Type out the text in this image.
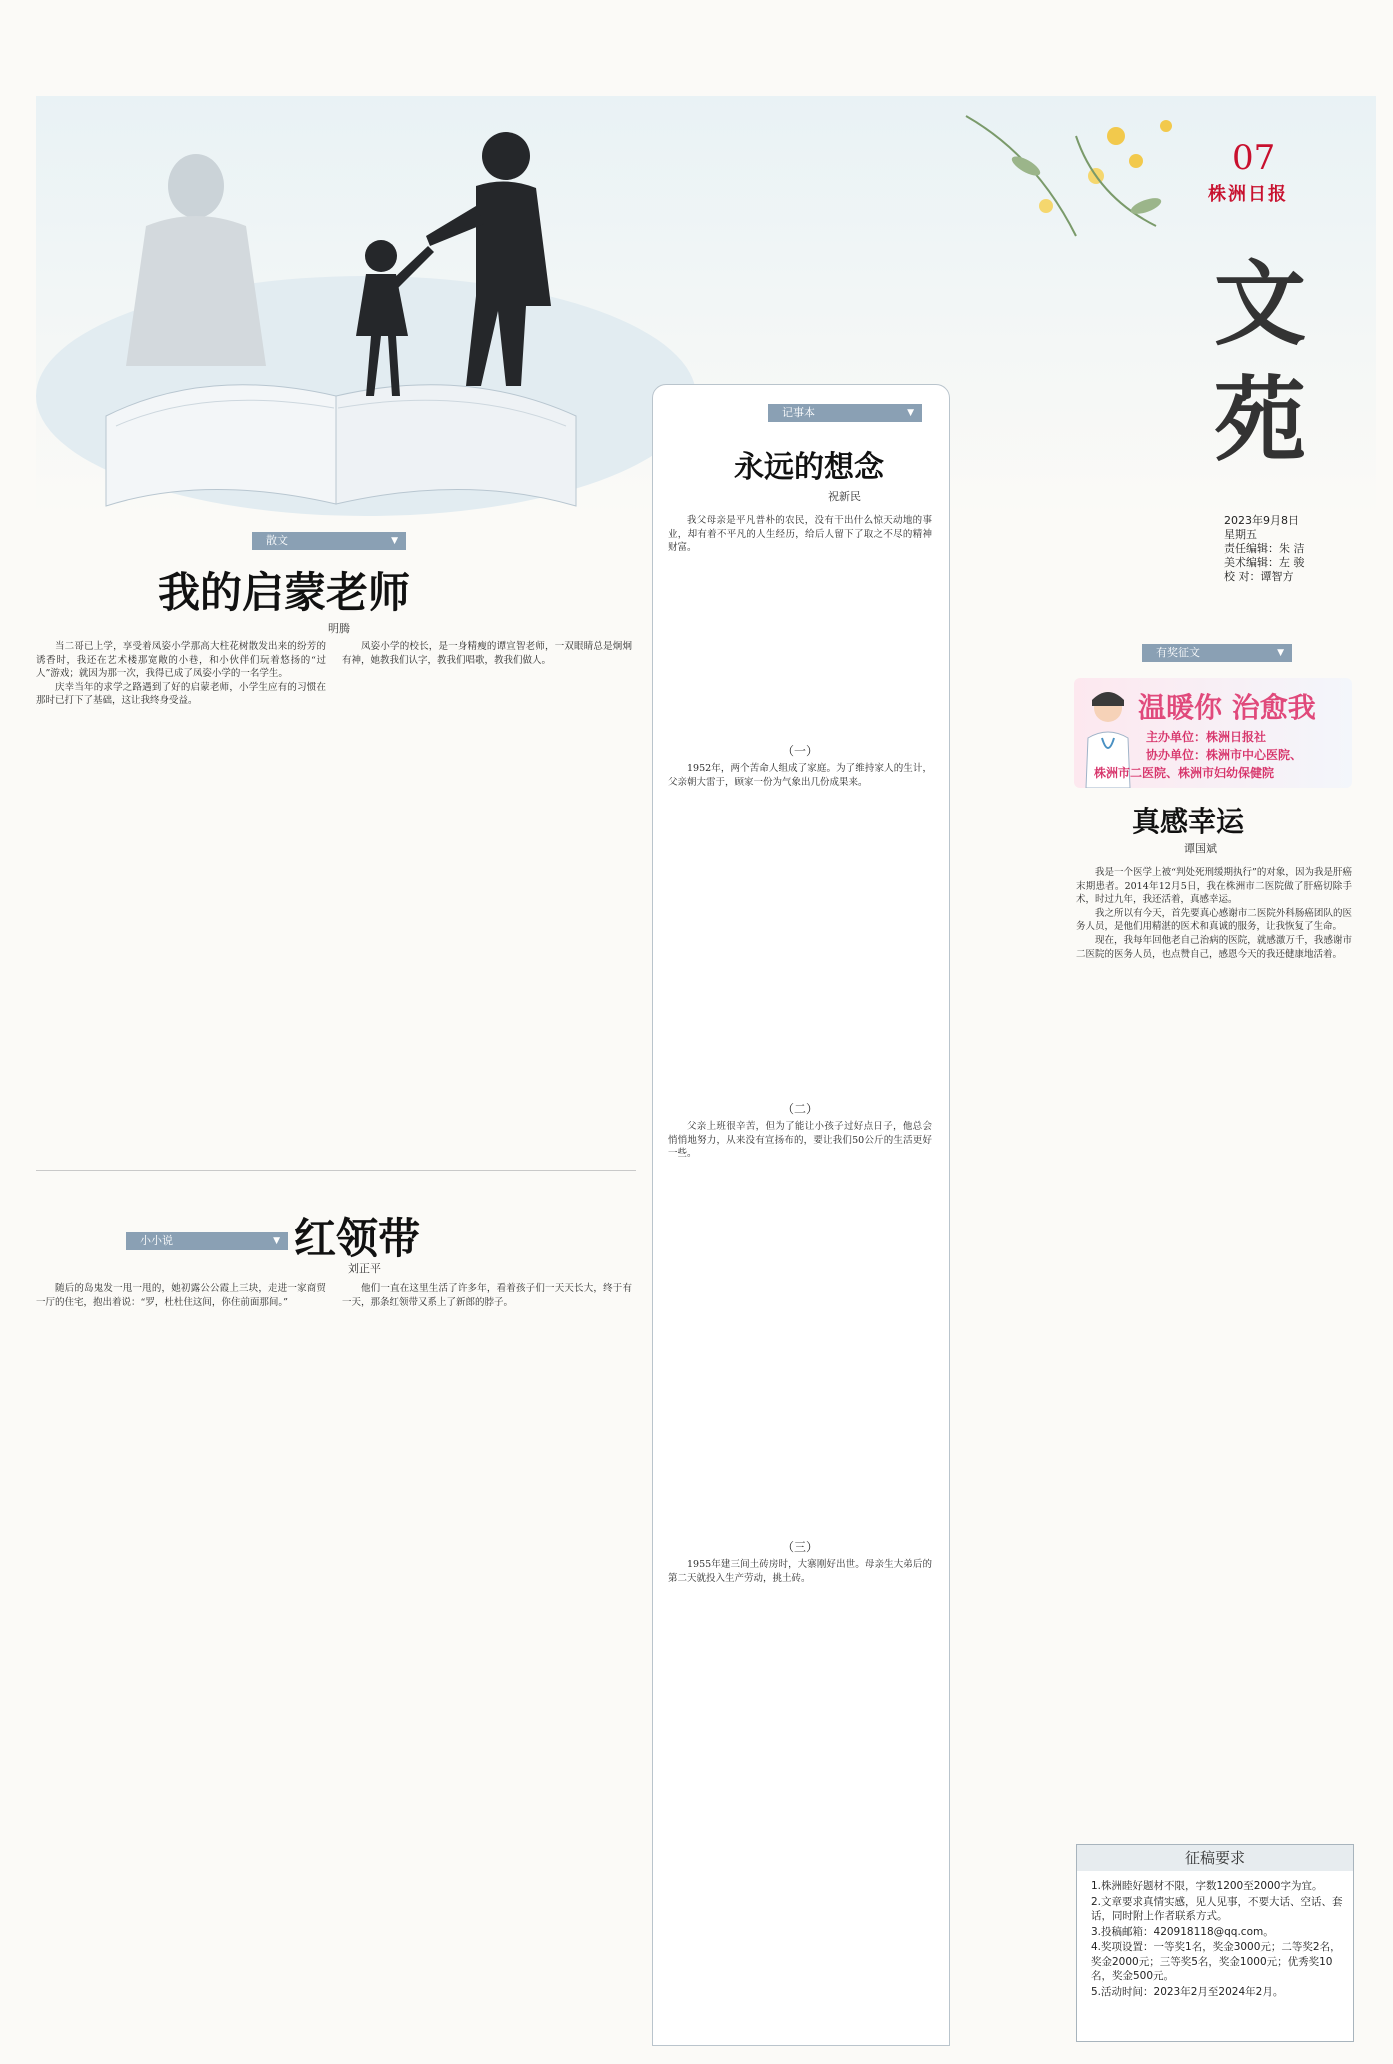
07
株洲日报
文苑
2023年9月8日
星期五
责任编辑：朱 洁
美术编辑：左 骏
校 对：谭智方
散文 ▼
我的启蒙老师
明腾

当二哥已上学，享受着凤姿小学那高大柱花树散发出来的纷芳的诱香时，我还在艺术楼那宽敞的小巷，和小伙伴们玩着悠扬的“过人”游戏；就因为那一次，我得已成了凤姿小学的一名学生。

庆幸当年的求学之路遇到了好的启蒙老师，小学生应有的习惯在那时已打下了基础，这让我终身受益。

凤姿小学的校长，是一身精瘦的谭宣智老师，一双眼睛总是炯炯有神，她教我们认字，教我们唱歌，教我们做人。

小小说 ▼	红领带
刘正平

随后的岛鬼发一甩一甩的，她初露公公霞上三块，走进一家商贸一厅的住宅，抱出着说：“罗，杜杜住这间，你住前面那间。”

他们一直在这里生活了许多年，看着孩子们一天天长大，终于有一天，那条红领带又系上了新郎的脖子。

记事本 ▼
永远的想念
祝新民

我父母亲是平凡普朴的农民，没有干出什么惊天动地的事业，却有着不平凡的人生经历，给后人留下了取之不尽的精神财富。

（一）

1952年，两个苦命人组成了家庭。为了维持家人的生计，父亲朝大雷于，顾家一份为气象出几份成果来。

（二）

父亲上班很辛苦，但为了能让小孩子过好点日子，他总会悄悄地努力，从来没有宣扬布的，要让我们50公斤的生活更好一些。

（三）

1955年建三间土砖房时，大寨刚好出世。母亲生大弟后的第二天就投入生产劳动，挑土砖。

有奖征文 ▼
温暖你 治愈我
主办单位：株洲日报社
协办单位：株洲市中心医院、
株洲市二医院、株洲市妇幼保健院
真感幸运
谭国斌

我是一个医学上被“判处死刑缓期执行”的对象，因为我是肝癌末期患者。2014年12月5日，我在株洲市二医院做了肝癌切除手术，时过九年，我还活着，真感幸运。

我之所以有今天，首先要真心感谢市二医院外科肠癌团队的医务人员，是他们用精湛的医术和真诚的服务，让我恢复了生命。

现在，我每年回他老自己治病的医院，就感激万千，我感谢市二医院的医务人员，也点赞自己，感恩今天的我还健康地活着。

征稿要求
1.株洲睦好题材不限，字数1200至2000字为宜。
2.文章要求真情实感，见人见事，不要大话、空话、套话，同时附上作者联系方式。
3.投稿邮箱：420918118@qq.com。
4.奖项设置：一等奖1名，奖金3000元；二等奖2名，奖金2000元；三等奖5名，奖金1000元；优秀奖10名，奖金500元。
5.活动时间：2023年2月至2024年2月。
